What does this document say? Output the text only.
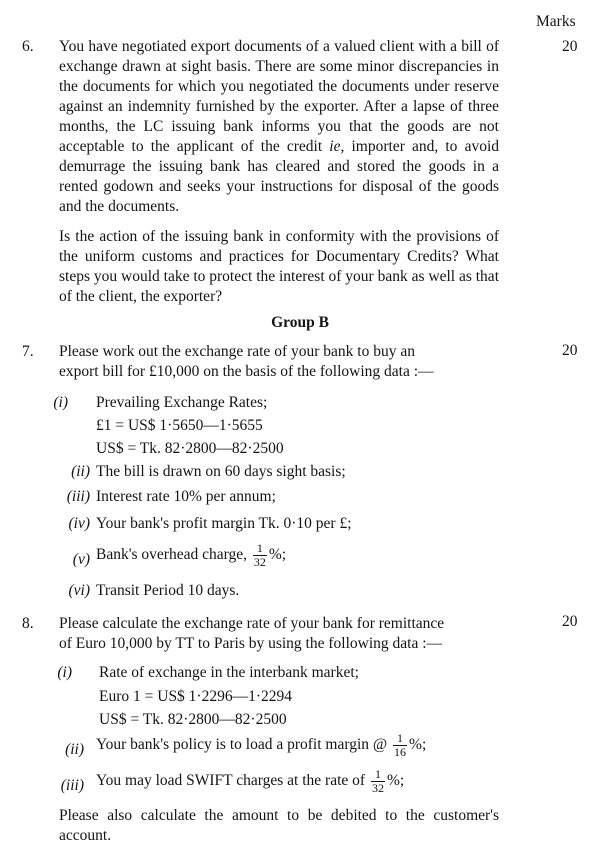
Marks
6.	20
You have negotiated export documents of a valued client with a bill of exchange drawn at sight basis. There are some minor discrepancies in the documents for which you negotiated the documents under reserve against an indemnity furnished by the exporter. After a lapse of three months, the LC issuing bank informs you that the goods are not acceptable to the applicant of the credit ie, importer and, to avoid demurrage the issuing bank has cleared and stored the goods in a rented godown and seeks your instructions for disposal of the goods and the documents.
Is the action of the issuing bank in conformity with the provisions of the uniform customs and practices for Documentary Credits? What steps you would take to protect the interest of your bank as well as that of the client, the exporter?
Group B
7.	20
Please work out the exchange rate of your bank to buy an
export bill for £10,000 on the basis of the following data :—
(i) Prevailing Exchange Rates;
£1 = US$ 1·5650—1·5655
US$ = Tk. 82·2800—82·2500
(ii) The bill is drawn on 60 days sight basis;
(iii) Interest rate 10% per annum;
(iv) Your bank's profit margin Tk. 0·10 per £;
(v) Bank's overhead charge, $\frac{1}{32}$ %;
(vi) Transit Period 10 days.
8.	20
Please calculate the exchange rate of your bank for remittance
of Euro 10,000 by TT to Paris by using the following data :—
(i) Rate of exchange in the interbank market;
Euro 1 = US$ 1·2296—1·2294
US$ = Tk. 82·2800—82·2500
(ii) Your bank's policy is to load a profit margin @ $\frac{1}{16}$ %;
(iii) You may load SWIFT charges at the rate of $\frac{1}{32}$ %;
Please also calculate the amount to be debited to the customer's account.
